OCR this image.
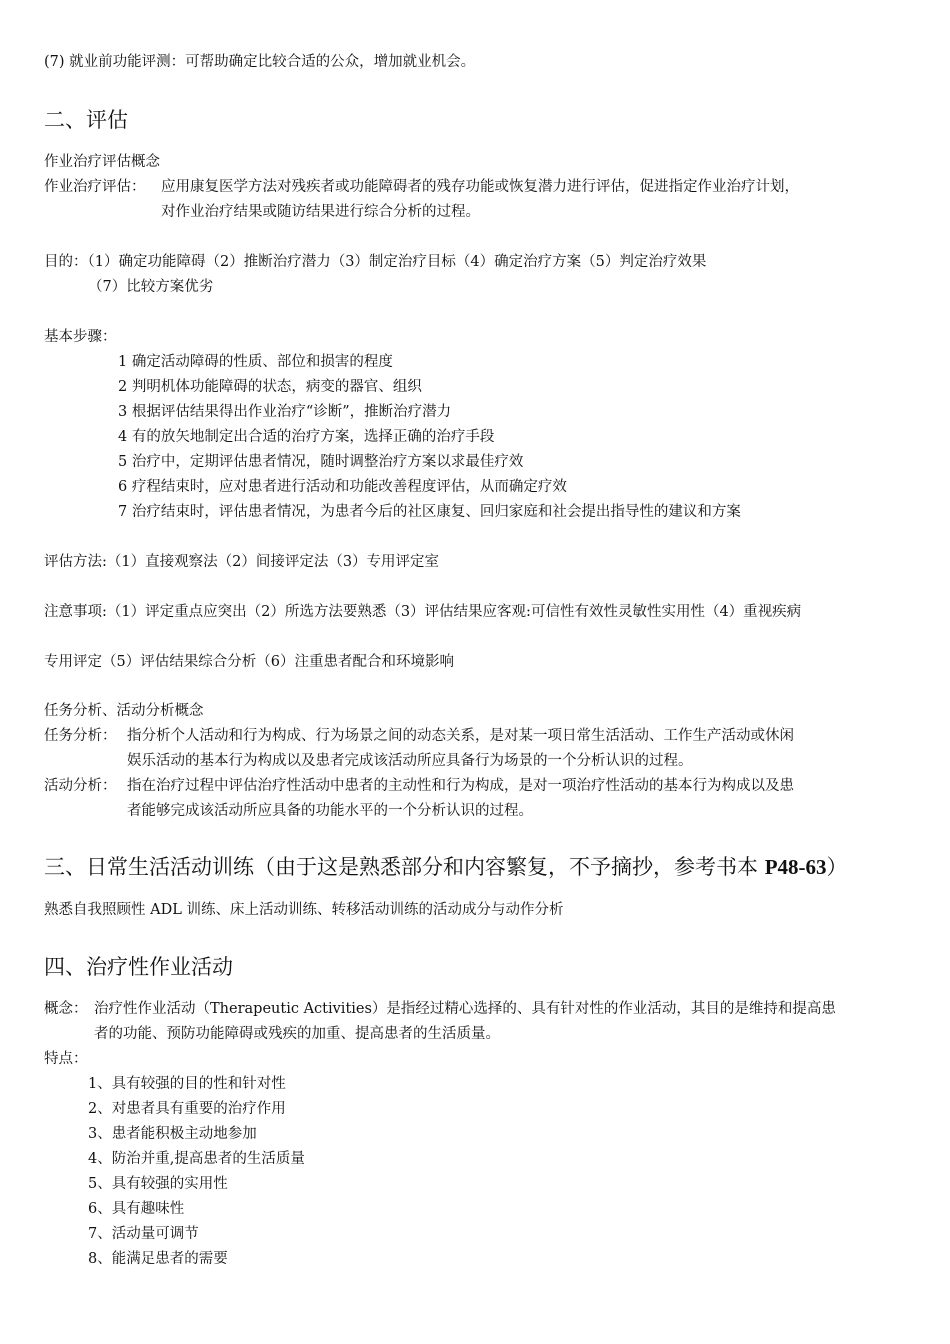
(7) 就业前功能评测：可帮助确定比较合适的公众，增加就业机会。
二、评估
作业治疗评估概念
作业治疗评估： 应用康复医学方法对残疾者或功能障碍者的残存功能或恢复潜力进行评估，促进指定作业治疗计划，
对作业治疗结果或随访结果进行综合分析的过程。
目的：（1）确定功能障碍（2）推断治疗潜力（3）制定治疗目标（4）确定治疗方案（5）判定治疗效果
（7）比较方案优劣
基本步骤：
1 确定活动障碍的性质、部位和损害的程度
2 判明机体功能障碍的状态，病变的器官、组织
3 根据评估结果得出作业治疗“诊断”，推断治疗潜力
4 有的放矢地制定出合适的治疗方案，选择正确的治疗手段
5 治疗中，定期评估患者情况，随时调整治疗方案以求最佳疗效
6 疗程结束时，应对患者进行活动和功能改善程度评估，从而确定疗效
7 治疗结束时，评估患者情况，为患者今后的社区康复、回归家庭和社会提出指导性的建议和方案
评估方法:（1）直接观察法（2）间接评定法（3）专用评定室
注意事项:（1）评定重点应突出（2）所选方法要熟悉（3）评估结果应客观:可信性有效性灵敏性实用性（4）重视疾病
专用评定（5）评估结果综合分析（6）注重患者配合和环境影响
任务分析、活动分析概念
任务分析： 指分析个人活动和行为构成、行为场景之间的动态关系，是对某一项日常生活活动、工作生产活动或休闲
娱乐活动的基本行为构成以及患者完成该活动所应具备行为场景的一个分析认识的过程。
活动分析： 指在治疗过程中评估治疗性活动中患者的主动性和行为构成，是对一项治疗性活动的基本行为构成以及患
者能够完成该活动所应具备的功能水平的一个分析认识的过程。
三、日常生活活动训练（由于这是熟悉部分和内容繁复，不予摘抄，参考书本 P48-63）
熟悉自我照顾性 ADL 训练、床上活动训练、转移活动训练的活动成分与动作分析
四、治疗性作业活动
概念： 治疗性作业活动（Therapeutic Activities）是指经过精心选择的、具有针对性的作业活动，其目的是维持和提高患
者的功能、预防功能障碍或残疾的加重、提高患者的生活质量。
特点：
1、具有较强的目的性和针对性
2、对患者具有重要的治疗作用
3、患者能积极主动地参加
4、防治并重,提高患者的生活质量
5、具有较强的实用性
6、具有趣味性
7、活动量可调节
8、能满足患者的需要
